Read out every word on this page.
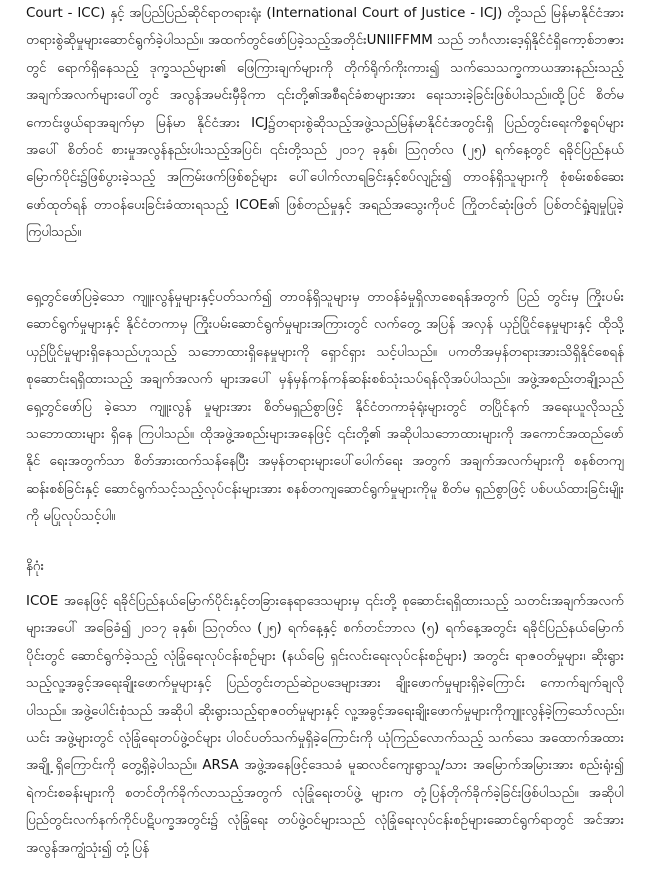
Court - ICC) နှင့် အပြည်ပြည်ဆိုင်ရာတရားရုံး (International Court of Justice - ICJ) တို့သည် မြန်မာနိုင်ငံအား တရားစွဲဆိုမှုများဆောင်ရွက်ခဲ့ပါသည်။ အထက်တွင်ဖော်ပြခဲ့သည့်အတိုင်းUNIIFFMM သည် ဘင်္ဂလားဒေ့ရှ်နိုင်ငံရှိကော့စ်ဘဇားတွင် ရောက်ရှိနေသည့် ဒုက္ခသည်များ၏ ဖြေကြားချက်များကို တိုက်ရိုက်ကိုးကား၍ သက်သေသက္ခကာယအားနည်းသည့်အချက်အလက်များပေါ်တွင် အလွန်အမင်းမှီခိုကာ ၎င်းတို့၏အစီရင်ခံစာများအား ရေးသားခဲ့ခြင်းဖြစ်ပါသည်။ထို့ပြင် စိတ်မကောင်းဖွယ်ရာအချက်မှာ မြန်မာ နိုင်ငံအား ICJ၌တရားစွဲဆိုသည့်အဖွဲ့သည်မြန်မာနိုင်ငံအတွင်းရှိ ပြည်တွင်းရေးကိစ္စရပ်များအပေါ် စိတ်ဝင် စားမှုအလွန်နည်းပါးသည့်အပြင်၊ ၎င်းတို့သည် ၂၀၁၇ ခုနှစ်၊ ဩဂုတ်လ (၂၅) ရက်နေ့တွင် ရခိုင်ပြည်နယ် မြောက်ပိုင်း၌ဖြစ်ပွားခဲ့သည့် အကြမ်းဖက်ဖြစ်စဉ်များ ပေါ်ပေါက်လာရခြင်းနှင့်စပ်လျဉ်း၍ တာဝန်ရှိသူများကို စုံစမ်းစစ်ဆေးဖော်ထုတ်ရန် တာဝန်ပေးခြင်းခံထားရသည့် ICOE၏ ဖြစ်တည်မှုနှင့် အရည်အသွေးကိုပင် ကြိုတင်ဆုံးဖြတ် ပြစ်တင်ရှုံ့ချမှုပြုခဲ့ကြပါသည်။

ရှေ့တွင်ဖော်ပြခဲ့သော ကျူးလွန်မှုများနှင့်ပတ်သက်၍ တာဝန်ရှိသူများမှ တာဝန်ခံမှုရှိလာစေရန်အတွက် ပြည် တွင်းမှ ကြိုးပမ်းဆောင်ရွက်မှုများနှင့် နိုင်ငံတကာမှ ကြိုးပမ်းဆောင်ရွက်မှုများအကြားတွင် လက်တွေ့ အပြန် အလှန် ယှဉ်ပြိုင်နေမှုများနှင့် ထိုသို့ ယှဉ်ပြိုင်မှုများရှိနေသည်ဟူသည့် သဘောထားရှိနေမှုများကို ရှောင်ရှား သင့်ပါသည်။ ပကတိအမှန်တရားအားသိရှိနိုင်စေရန် စုဆောင်းရရှိထားသည့် အချက်အလက် များအပေါ် မှန်မှန်ကန်ကန်ဆန်းစစ်သုံးသပ်ရန်လိုအပ်ပါသည်။ အဖွဲ့အစည်းတချို့သည် ရှေ့တွင်ဖော်ပြ ခဲ့သော ကျူးလွန် မှုများအား စိတ်မရှည်စွာဖြင့် နိုင်ငံတကာခုံရုံးများတွင် တပြိုင်နက် အရေးယူလိုသည့် သဘောထားများ ရှိနေ ကြပါသည်။ ထိုအဖွဲ့အစည်းများအနေဖြင့် ၎င်းတို့၏ အဆိုပါသဘောထားများကို အကောင်အထည်ဖော်နိုင် ရေးအတွက်သာ စိတ်အားထက်သန်နေပြီး အမှန်တရားများပေါ်ပေါက်ရေး အတွက် အချက်အလက်များကို စနစ်တကျဆန်းစစ်ခြင်းနှင့် ဆောင်ရွက်သင့်သည့်လုပ်ငန်းများအား စနစ်တကျဆောင်ရွက်မှုများကိုမူ စိတ်မ ရှည်စွာဖြင့် ပစ်ပယ်ထားခြင်းမျိုးကို မပြုလုပ်သင့်ပါ။

နိဂုံး

ICOE အနေဖြင့် ရခိုင်ပြည်နယ်မြောက်ပိုင်းနှင့်တခြားနေရာဒေသများမှ ၎င်းတို့ စုဆောင်းရရှိထားသည့် သတင်းအချက်အလက်များအပေါ် အခြေခံ၍ ၂၀၁၇ ခုနှစ်၊ ဩဂုတ်လ (၂၅) ရက်နေ့နှင့် စက်တင်ဘာလ (၅) ရက်နေ့အတွင်း ရခိုင်ပြည်နယ်မြောက်ပိုင်းတွင် ဆောင်ရွက်ခဲ့သည့် လုံခြုံရေးလုပ်ငန်းစဉ်များ (နယ်မြေ ရှင်းလင်းရေးလုပ်ငန်းစဉ်များ) အတွင်း ရာဇဝတ်မှုများ၊ ဆိုးရွားသည့်လူ့အခွင့်အရေးချိုးဖောက်မှုများနှင့် ပြည်တွင်းတည်ဆဲဥပဒေများအား ချိုးဖောက်မှုများရှိခဲ့ကြောင်း ကောက်ချက်ချလိုပါသည်။ အဖွဲ့ပေါင်းစုံသည် အဆိုပါ ဆိုးရွားသည့်ရာဇဝတ်မှုများနှင့် လူ့အခွင့်အရေးချိုးဖောက်မှုများကိုကျူးလွန်ခဲ့ကြသော်လည်း၊ ယင်း အဖွဲ့များတွင် လုံခြုံရေးတပ်ဖွဲ့ဝင်များ ပါဝင်ပတ်သက်မှုရှိခဲ့ကြောင်းကို ယုံကြည်လောက်သည့် သက်သေ အထောက်အထားအချို့ ရှိကြောင်းကို တွေ့ရှိခဲ့ပါသည်။ ARSA အဖွဲ့အနေဖြင့်ဒေသခံ မူဆလင်ကျေးရွာသူ/သား အမြောက်အမြားအား စည်းရုံး၍ ရဲကင်းစခန်းများကို စတင်တိုက်ခိုက်လာသည့်အတွက် လုံခြုံရေးတပ်ဖွဲ့ များက တုံ့ပြန်တိုက်ခိုက်ခဲ့ခြင်းဖြစ်ပါသည်။ အဆိုပါ ပြည်တွင်းလက်နက်ကိုင်ပဋိပက္ခအတွင်း၌ လုံခြုံရေး တပ်ဖွဲ့ဝင်များသည် လုံခြုံရေးလုပ်ငန်းစဉ်များဆောင်ရွက်ရာတွင် အင်အားအလွန်အကျွံသုံး၍ တုံ့ပြန်
